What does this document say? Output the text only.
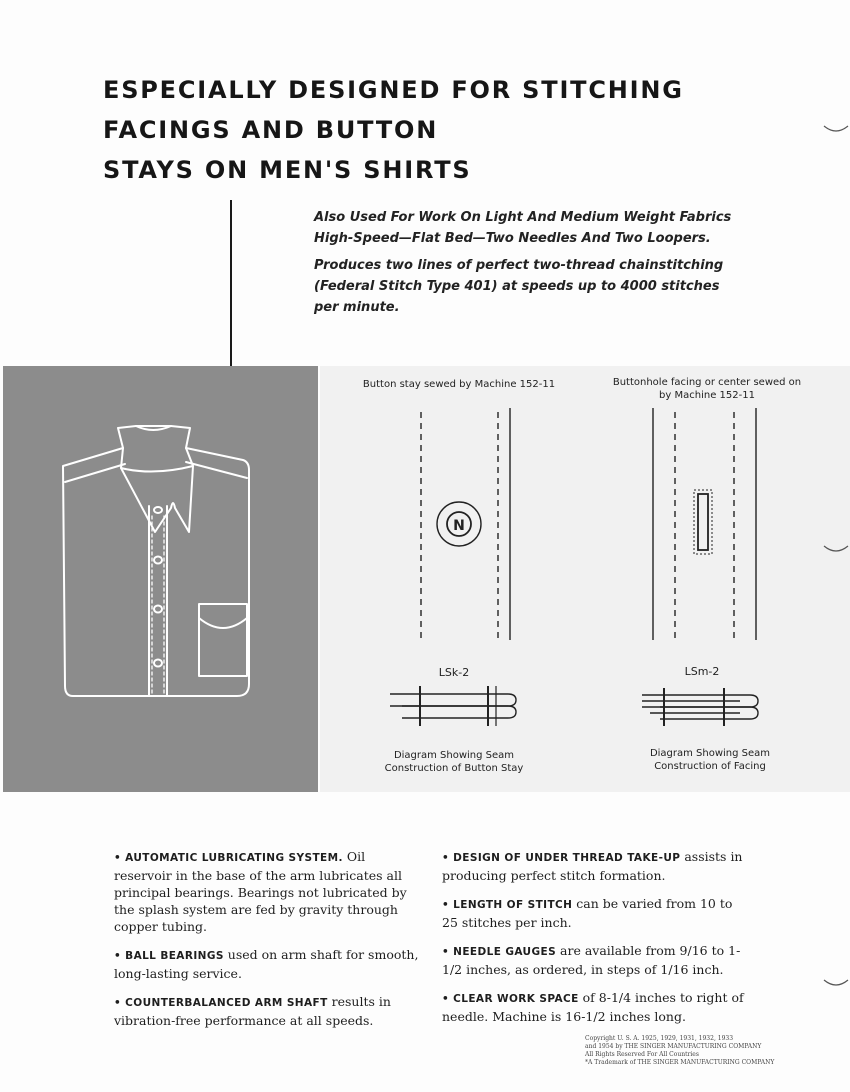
ESPECIALLY DESIGNED FOR STITCHING
FACINGS AND BUTTON
STAYS ON MEN'S SHIRTS
Also Used For Work On Light And Medium Weight Fabrics
High-Speed—Flat Bed—Two Needles And Two Loopers.
Produces two lines of perfect two-thread chainstitching
(Federal Stitch Type 401) at speeds up to 4000 stitches
per minute.
N
Button stay sewed by Machine 152-11	Buttonhole facing or center sewed on
by Machine 152-11
LSk-2	LSm-2
Diagram Showing Seam
Construction of Button Stay
Diagram Showing Seam
Construction of Facing
• AUTOMATIC LUBRICATING SYSTEM. Oil reservoir in the base of the arm lubricates all principal bearings. Bearings not lubricated by the splash system are fed by gravity through copper tubing.
• BALL BEARINGS used on arm shaft for smooth, long-lasting service.
• COUNTERBALANCED ARM SHAFT results in vibration-free performance at all speeds.
• DESIGN OF UNDER THREAD TAKE-UP assists in producing perfect stitch formation.
• LENGTH OF STITCH can be varied from 10 to 25 stitches per inch.
• NEEDLE GAUGES are available from 9/16 to 1-1/2 inches, as ordered, in steps of 1/16 inch.
• CLEAR WORK SPACE of 8-1/4 inches to right of needle. Machine is 16-1/2 inches long.
Copyright U. S. A. 1925, 1929, 1931, 1932, 1933
and 1954 by THE SINGER MANUFACTURING COMPANY
All Rights Reserved For All Countries
*A Trademark of THE SINGER MANUFACTURING COMPANY
